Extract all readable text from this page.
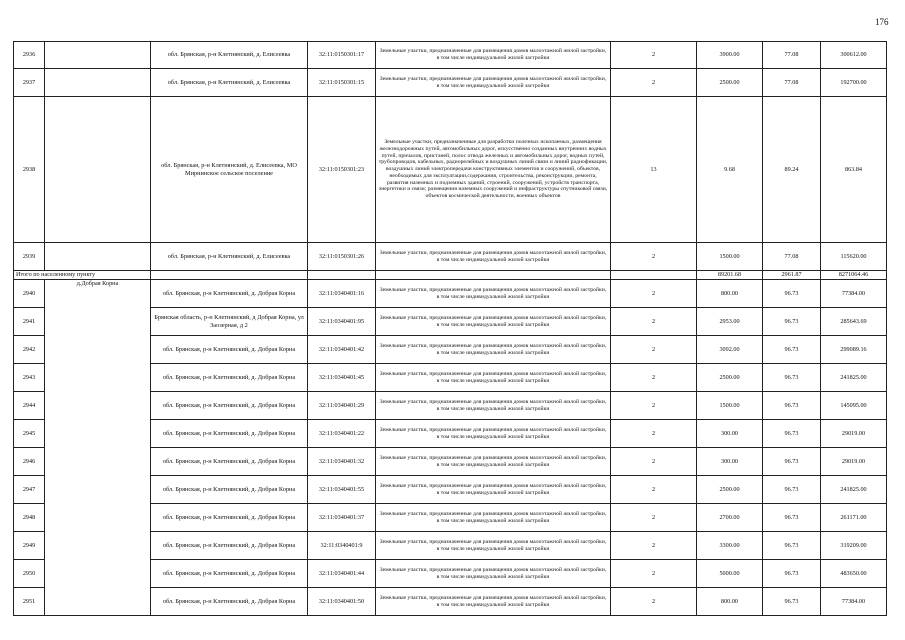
176
2936		обл. Брянская, р-н Клетнянский, д. Елисеевка	32:11:0150301:17	Земельные участки, предназначенные для размещения домов малоэтажной жилой застройки, в том числе индивидуальной жилой застройки	2	3900.00	77.08	300612.00
2937		обл. Брянская, р-н Клетнянский, д. Елисеевка	32:11:0150301:15	Земельные участки, предназначенные для размещения домов малоэтажной жилой застройки, в том числе индивидуальной жилой застройки	2	2500.00	77.08	192700.00
2938		обл. Брянская, р-н Клетнянский, д. Елисеевка, МО Мирнинское сельское поселение	32:11:0150301:23	Земельные участки, предназначенные для разработки полезных ископаемых, размещения железнодорожных путей, автомобильных дорог, искусственно созданных внутренних водных путей, причалов, пристаней, полос отвода железных и автомобильных дорог, водных путей, трубопроводов, кабельных, радиорелейных и воздушных линий связи и линий радиофикации, воздушных линий электропередачи конструктивных элементов и сооружений, объектов, необходимых для эксплуатации,содержания, строительства, реконструкции, ремонта, развития наземных и подземных зданий, строений, сооружений, устройств транспорта, энергетики и связи; размещения наземных сооружений и инфраструктуры спутниковой связи, объектов космической деятельности, военных объектов	13	9.68	89.24	863.84
2939		обл. Брянская, р-н Клетнянский, д. Елисеевка	32:11:0150301:26	Земельные участки, предназначенные для размещения домов малоэтажной жилой застройки, в том числе индивидуальной жилой застройки	2	1500.00	77.08	115620.00
Итого по населенному пункту						89201.68	2961.87	8271064.46
2940	д.Добрая Корна	обл. Брянская, р-н Клетнянский, д. Добрая Корна	32:11:0340401:16	Земельные участки, предназначенные для размещения домов малоэтажной жилой застройки, в том числе индивидуальной жилой застройки	2	800.00	96.73	77384.00
2941		Брянская область, р-н Клетнянский, д Добрая Корна, ул Заозерная, д 2	32:11:0340401:95	Земельные участки, предназначенные для размещения домов малоэтажной жилой застройки, в том числе индивидуальной жилой застройки	2	2953.00	96.73	285643.69
2942		обл. Брянская, р-н Клетнянский, д. Добрая Корна	32:11:0340401:42	Земельные участки, предназначенные для размещения домов малоэтажной жилой застройки, в том числе индивидуальной жилой застройки	2	3092.00	96.73	299089.16
2943		обл. Брянская, р-н Клетнянский, д. Добрая Корна	32:11:0340401:45	Земельные участки, предназначенные для размещения домов малоэтажной жилой застройки, в том числе индивидуальной жилой застройки	2	2500.00	96.73	241825.00
2944		обл. Брянская, р-н Клетнянский, д. Добрая Корна	32:11:0340401:29	Земельные участки, предназначенные для размещения домов малоэтажной жилой застройки, в том числе индивидуальной жилой застройки	2	1500.00	96.73	145095.00
2945		обл. Брянская, р-н Клетнянский, д. Добрая Корна	32:11:0340401:22	Земельные участки, предназначенные для размещения домов малоэтажной жилой застройки, в том числе индивидуальной жилой застройки	2	300.00	96.73	29019.00
2946		обл. Брянская, р-н Клетнянский, д. Добрая Корна	32:11:0340401:32	Земельные участки, предназначенные для размещения домов малоэтажной жилой застройки, в том числе индивидуальной жилой застройки	2	300.00	96.73	29019.00
2947		обл. Брянская, р-н Клетнянский, д. Добрая Корна	32:11:0340401:55	Земельные участки, предназначенные для размещения домов малоэтажной жилой застройки, в том числе индивидуальной жилой застройки	2	2500.00	96.73	241825.00
2948		обл. Брянская, р-н Клетнянский, д. Добрая Корна	32:11:0340401:37	Земельные участки, предназначенные для размещения домов малоэтажной жилой застройки, в том числе индивидуальной жилой застройки	2	2700.00	96.73	261171.00
2949		обл. Брянская, р-н Клетнянский, д. Добрая Корна	32:11:0340401:9	Земельные участки, предназначенные для размещения домов малоэтажной жилой застройки, в том числе индивидуальной жилой застройки	2	3300.00	96.73	319209.00
2950		обл. Брянская, р-н Клетнянский, д. Добрая Корна	32:11:0340401:44	Земельные участки, предназначенные для размещения домов малоэтажной жилой застройки, в том числе индивидуальной жилой застройки	2	5000.00	96.73	483650.00
2951		обл. Брянская, р-н Клетнянский, д. Добрая Корна	32:11:0340401:50	Земельные участки, предназначенные для размещения домов малоэтажной жилой застройки, в том числе индивидуальной жилой застройки	2	800.00	96.73	77384.00
